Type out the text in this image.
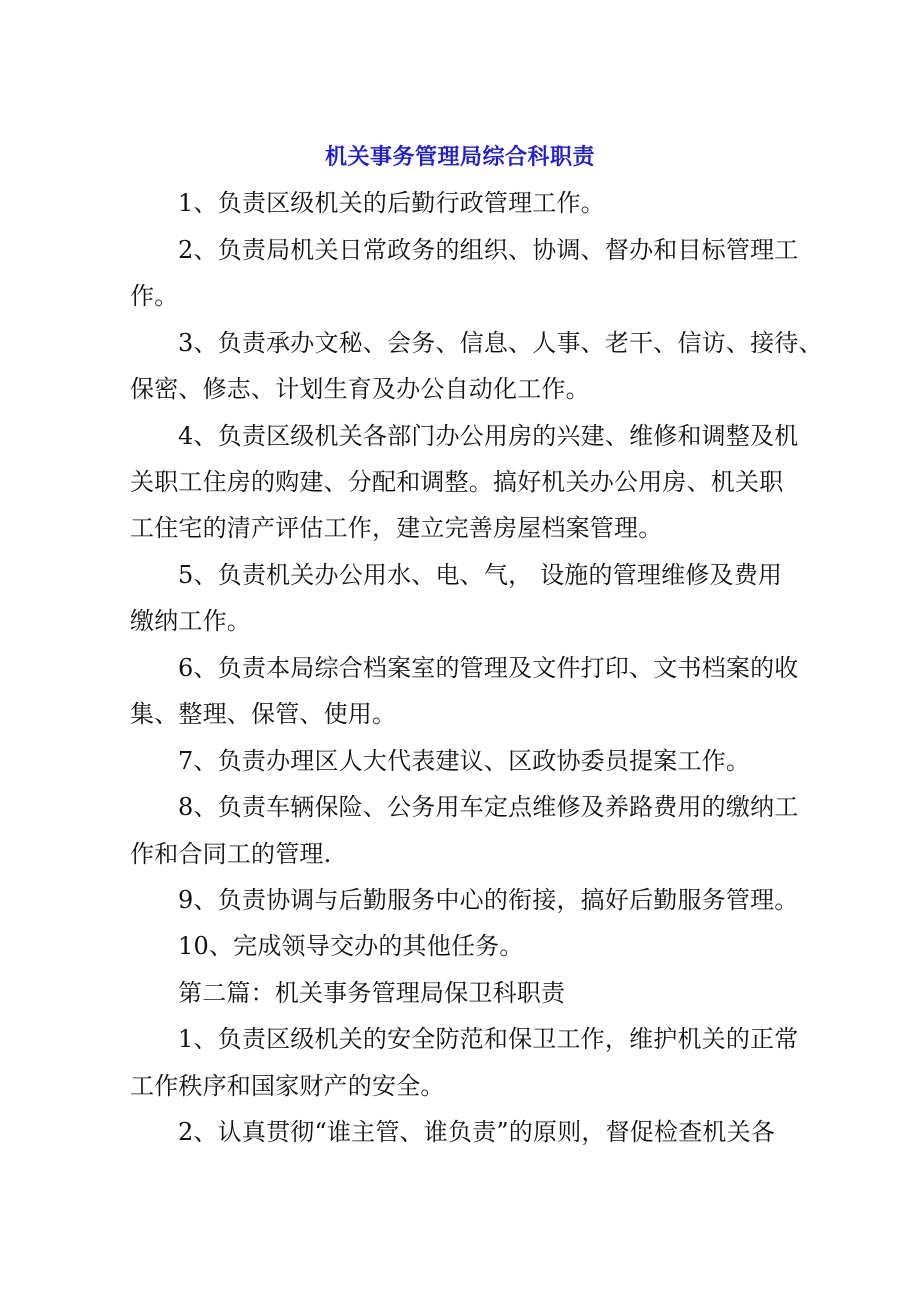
机关事务管理局综合科职责
1、负责区级机关的后勤行政管理工作。
2、负责局机关日常政务的组织、协调、督办和目标管理工
作。
3、负责承办文秘、会务、信息、人事、老干、信访、接待、
保密、修志、计划生育及办公自动化工作。
4、负责区级机关各部门办公用房的兴建、维修和调整及机
关职工住房的购建、分配和调整。搞好机关办公用房、机关职
工住宅的清产评估工作，建立完善房屋档案管理。
5、负责机关办公用水、电、气， 设施的管理维修及费用
缴纳工作。
6、负责本局综合档案室的管理及文件打印、文书档案的收
集、整理、保管、使用。
7、负责办理区人大代表建议、区政协委员提案工作。
8、负责车辆保险、公务用车定点维修及养路费用的缴纳工
作和合同工的管理.
9、负责协调与后勤服务中心的衔接，搞好后勤服务管理。
10、完成领导交办的其他任务。
第二篇：机关事务管理局保卫科职责
1、负责区级机关的安全防范和保卫工作，维护机关的正常
工作秩序和国家财产的安全。
2、认真贯彻“谁主管、谁负责”的原则，督促检查机关各
